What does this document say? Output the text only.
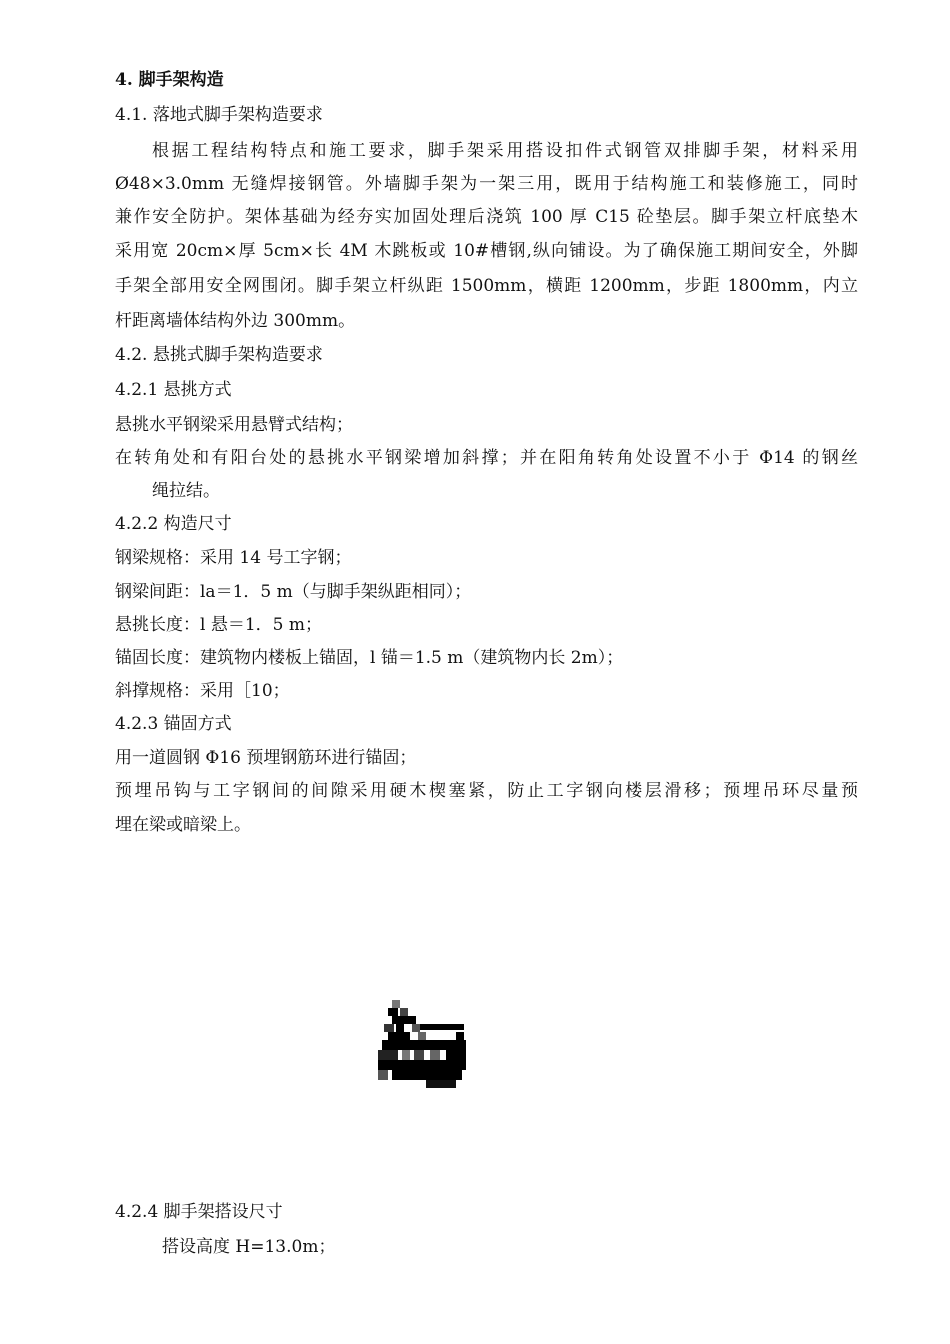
4. 脚手架构造
4.1. 落地式脚手架构造要求
根据工程结构特点和施工要求，脚手架采用搭设扣件式钢管双排脚手架，材料采用
Ø48×3.0mm 无缝焊接钢管。外墙脚手架为一架三用，既用于结构施工和装修施工，同时
兼作安全防护。架体基础为经夯实加固处理后浇筑 100 厚 C15 砼垫层。脚手架立杆底垫木
采用宽 20cm×厚 5cm×长 4M 木跳板或 10#槽钢,纵向铺设。为了确保施工期间安全，外脚
手架全部用安全网围闭。脚手架立杆纵距 1500mm，横距 1200mm，步距 1800mm，内立
杆距离墙体结构外边 300mm。
4.2. 悬挑式脚手架构造要求
4.2.1 悬挑方式
悬挑水平钢梁采用悬臂式结构；
在转角处和有阳台处的悬挑水平钢梁增加斜撑；并在阳角转角处设置不小于 Φ14 的钢丝
绳拉结。
4.2.2 构造尺寸
钢梁规格：采用 14 号工字钢；
钢梁间距：la＝1．5 m（与脚手架纵距相同）；
悬挑长度：l 悬＝1．5 m；
锚固长度：建筑物内楼板上锚固，l 锚＝1.5 m（建筑物内长 2m）；
斜撑规格：采用［10；
4.2.3 锚固方式
用一道圆钢 Φ16 预埋钢筋环进行锚固；
预埋吊钩与工字钢间的间隙采用硬木楔塞紧，防止工字钢向楼层滑移；预埋吊环尽量预
埋在梁或暗梁上。
4.2.4 脚手架搭设尺寸
搭设高度 H=13.0m；
